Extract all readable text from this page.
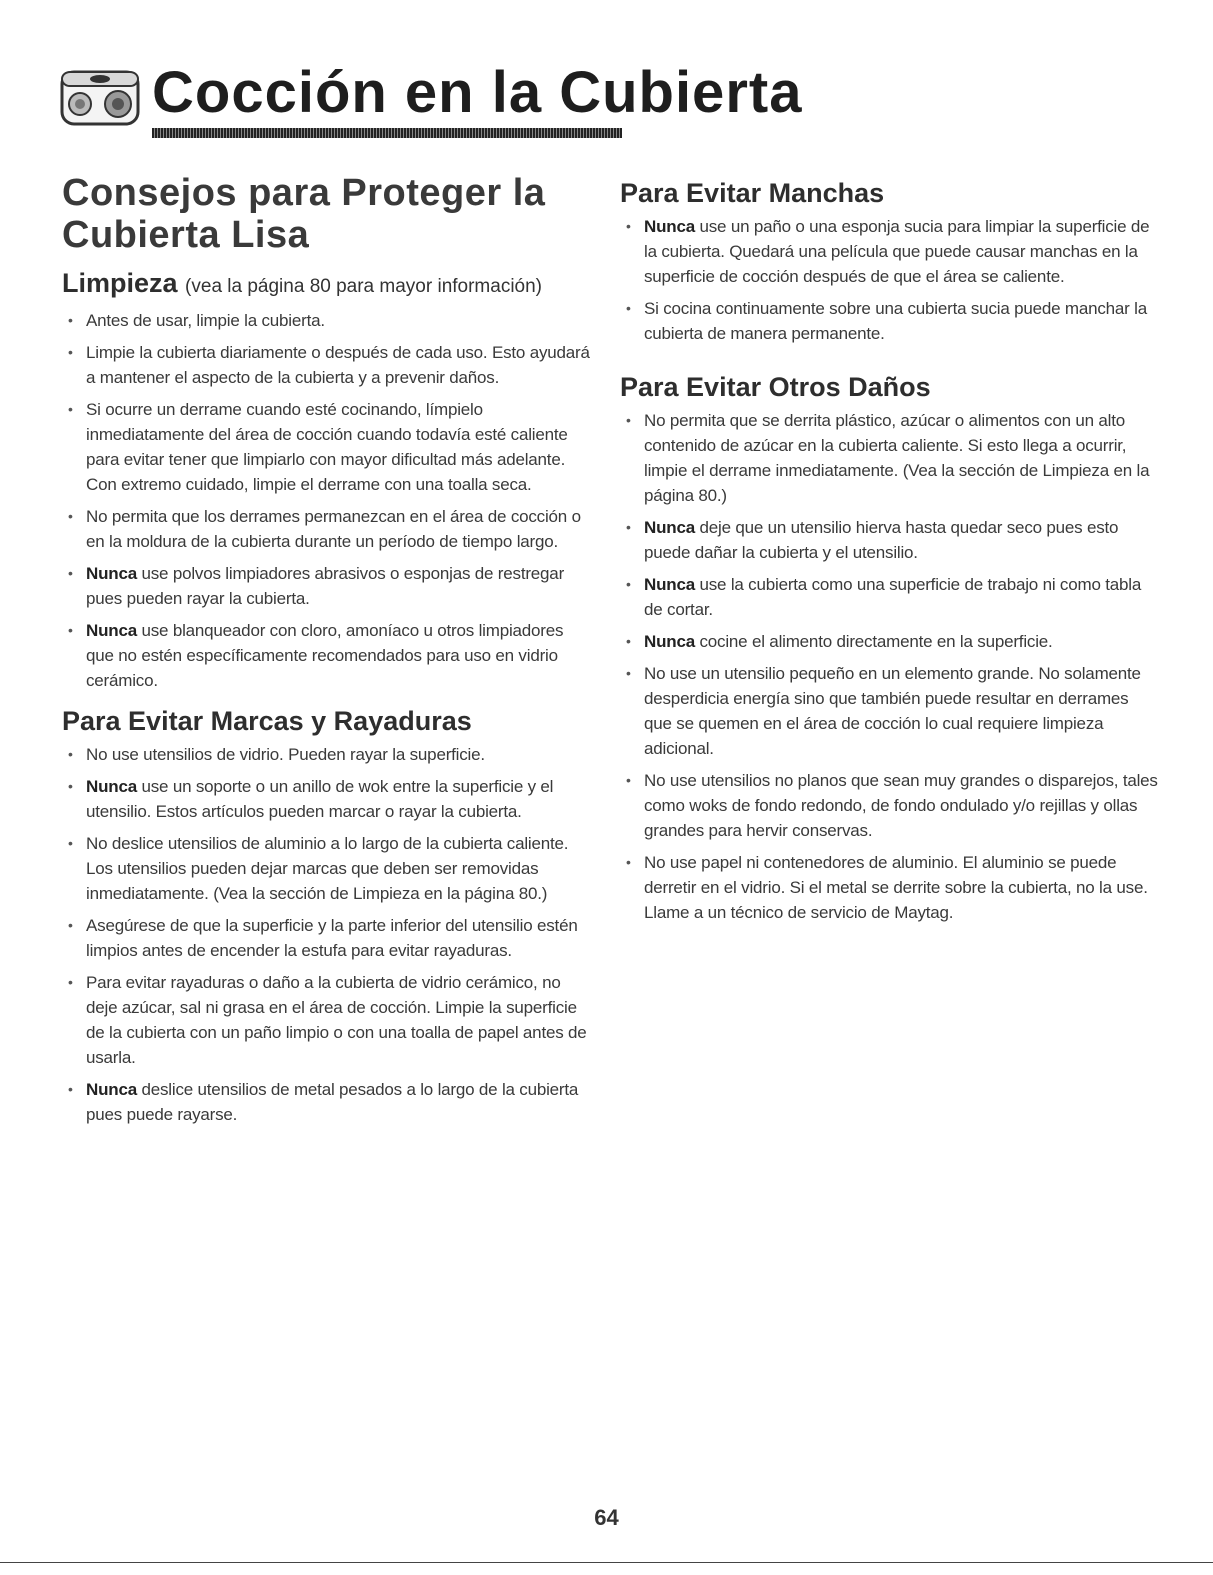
Cocción en la Cubierta
Consejos para Proteger la Cubierta Lisa
Limpieza (vea la página 80 para mayor información)
• Antes de usar, limpie la cubierta.
• Limpie la cubierta diariamente o después de cada uso. Esto ayudará a mantener el aspecto de la cubierta y a prevenir daños.
• Si ocurre un derrame cuando esté cocinando, límpielo inmediatamente del área de cocción cuando todavía esté caliente para evitar tener que limpiarlo con mayor dificultad más adelante. Con extremo cuidado, limpie el derrame con una toalla seca.
• No permita que los derrames permanezcan en el área de cocción o en la moldura de la cubierta durante un período de tiempo largo.
• Nunca use polvos limpiadores abrasivos o esponjas de restregar pues pueden rayar la cubierta.
• Nunca use blanqueador con cloro, amoníaco u otros limpiadores que no estén específicamente recomendados para uso en vidrio cerámico.
Para Evitar Marcas y Rayaduras
• No use utensilios de vidrio. Pueden rayar la superficie.
• Nunca use un soporte o un anillo de wok entre la superficie y el utensilio. Estos artículos pueden marcar o rayar la cubierta.
• No deslice utensilios de aluminio a lo largo de la cubierta caliente. Los utensilios pueden dejar marcas que deben ser removidas inmediatamente. (Vea la sección de Limpieza en la página 80.)
• Asegúrese de que la superficie y la parte inferior del utensilio estén limpios antes de encender la estufa para evitar rayaduras.
• Para evitar rayaduras o daño a la cubierta de vidrio cerámico, no deje azúcar, sal ni grasa en el área de cocción. Limpie la superficie de la cubierta con un paño limpio o con una toalla de papel antes de usarla.
• Nunca deslice utensilios de metal pesados a lo largo de la cubierta pues puede rayarse.
Para Evitar Manchas
• Nunca use un paño o una esponja sucia para limpiar la superficie de la cubierta. Quedará una película que puede causar manchas en la superficie de cocción después de que el área se caliente.
• Si cocina continuamente sobre una cubierta sucia puede manchar la cubierta de manera permanente.
Para Evitar Otros Daños
• No permita que se derrita plástico, azúcar o alimentos con un alto contenido de azúcar en la cubierta caliente. Si esto llega a ocurrir, limpie el derrame inmediatamente. (Vea la sección de Limpieza en la página 80.)
• Nunca deje que un utensilio hierva hasta quedar seco pues esto puede dañar la cubierta y el utensilio.
• Nunca use la cubierta como una superficie de trabajo ni como tabla de cortar.
• Nunca cocine el alimento directamente en la superficie.
• No use un utensilio pequeño en un elemento grande. No solamente desperdicia energía sino que también puede resultar en derrames que se quemen en el área de cocción lo cual requiere limpieza adicional.
• No use utensilios no planos que sean muy grandes o disparejos, tales como woks de fondo redondo, de fondo ondulado y/o rejillas y ollas grandes para hervir conservas.
• No use papel ni contenedores de aluminio. El aluminio se puede derretir en el vidrio. Si el metal se derrite sobre la cubierta, no la use. Llame a un técnico de servicio de Maytag.
64
